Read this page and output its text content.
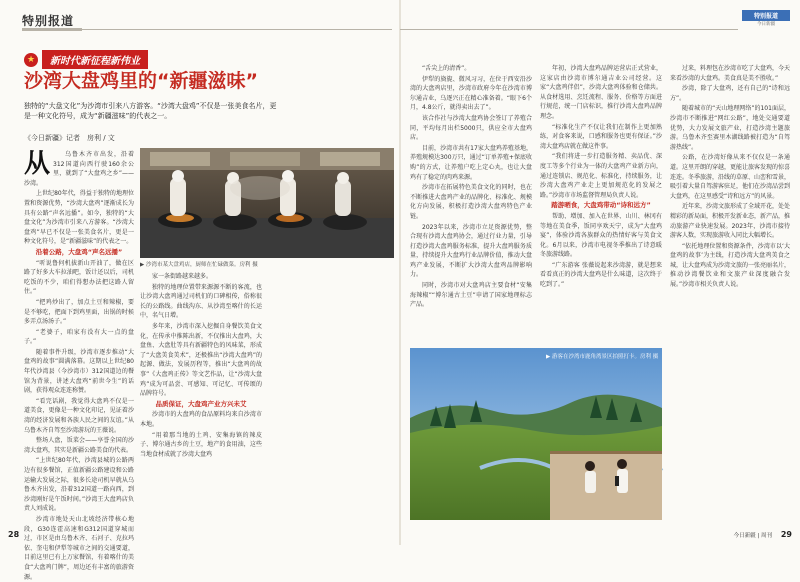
特别报道
★	新时代新征程新伟业
沙湾大盘鸡里的“新疆滋味”
独特的“大盘文化”为沙湾市引来八方游客。“沙湾大盘鸡”不仅是一张美食名片，更是一种文化符号，成为“新疆滋味”的代表之一。
《今日新疆》记者　房利 / 文

从	乌鲁木齐市出发，沿着312国道向西行驶160余公里，就到了“大盘鸡之乡”——沙湾。

上世纪80年代，得益于独特的地理位置和资源优势，“沙湾大盘鸡”逐渐成长为具有公路“声名远播”。如今，独特的“大盘文化”为沙湾市引来八方游客。“沙湾大盘鸡”早已不仅是一张美食名片，更是一种文化符号，是“新疆滋味”的代表之一。

沿着公路，大盘鸡“声名远播”

“听说鲁何机拔新山开油了，做在区路了好多大车拉油吧，饭计还以后，司机吃饭的不少，咱们得想办法把这路人留住。”

“把鸡炒出了，加点土豆和辣椒，要是不够吃，把面下到鸡里面，出锅的时候多弄点汤汤子。”

“老婆子，咱家有没有大一点的盘子。”

随着事件升级，沙湾市逐步推动“大盘鸡的故事”圆满落幕。这期以上世纪80年代沙湾县（今沙湾市）312国道边的餐馆为背景，讲述大盘鸡“前世今生”的话剧，获得观众连连称赞。

“看完话剧，我觉得大盘鸡不仅是一道美食，更像是一种文化印记，见证着沙湾的经济发展和各族人民之间的友谊。”从乌鲁木齐自驾至沙湾游玩的王薇说。

整场人盘，饭菜会——享誉全国的沙湾大盘鸡，其实是新疆公路美食的代表。

“上世纪80年代，沙湾县城的公路两边有很多餐馆，正值新疆公路建设和公路运输大发展之际，很多长途司机早就从乌鲁木齐出发，沿着312国道一路向西，到沙湾刚好是午饭时间。”沙湾王大盘鸡店负责人刘成说。

沙湾市地处天山北坡经济带核心地段，G30连霍高速和G312国道穿城而过，市区是由乌鲁木齐、石河子、克拉玛依、奎屯和伊犁等城市之间的交通要道，目前这里已有上万家餐馆，有着喀什的美食“大盘鸡门牌”，周边还有丰富的旅游资源。

▶ 沙湾市某大盘鸡店，厨师在忙碌做菜。房利 摄

家一条街路越来越多。

独特的地理位置带来源源不断的客流，也让沙湾大盘鸡通过司机们的口碑相传，俗称很长的公路线。曲线沟东、从沙湾至喀什的长运中，名气日增。

多年来，沙湾市深入挖掘自身餐饮美食文化，在传承中推陈出新，不仅推出大盘鸡，大盘鱼、大盘肚等具有新疆特色的风味菜，形成了“大盘美食美术”，还极推出“沙湾大盘鸡”的起源、做法，发展历程等，推出“大盘鸡的故事”《大盘鸡正传》等文艺作品，让“沙湾大盘鸡”成为可品尝、可感知、可记忆、可传颂的品牌符号。

品质保证，大盘鸡产业方兴未艾

沙湾市的大盘鸡的食品原料均来自沙湾市本地。

“用着那当地的土鸡、安集海镇的辣皮子、博尔通古乡的土豆，地产的食用油，这些当地食材成就了沙湾大盘鸡

28
特别报道
今日新疆

“舌尖上的清香”。

伊犁的旖旎、微风习习，在位于西安沿沙湾的大盘鸡店里，沙湾市政府今年在沙湾市博尔通吉业，乌逐兴正在精心准备着。“眼下6个月，4.8公斤，就得卖出去了”。

该合作社与沙湾大盘鸡协会签订了养殖合同，平均每月出栏5000只，供应全市大盘鸡店。

目前，沙湾市共有17家大盘鸡养殖基地，养殖规模达300万只，通过“订单养殖+保底收购”的方式，让养殖户吃上定心丸，也让大盘鸡有了稳定的肉鸡来源。

沙湾市在拓展特色美食文化的同时，也在不断推进大盘鸡产业的品牌化、标准化、规模化方向发展，积极打造沙湾大盘鸡特色产业链。

2023年以来，沙湾市立足资源优势，整合现有沙湾大盘鸡协会，通过行业力量，引导打造沙湾大盘鸡服务标准，提升大盘鸡服务质量，持续提升大盘鸡行业品牌价值，推动大盘鸡产业发展，不断扩大沙湾大盘鸡品牌影响力。

同时，沙湾市对大盘鸡店主要食材“安集海辣椒”“博尔通古土豆”申请了国家地理标志产品。

年初，沙湾大盘鸡品牌运营店正式营业，这家店由沙湾市博尔通吉业公司经营。这家“大盘鸡伴侣”，沙湾大盘鸡体验和仓储共。从食材选用、烹饪流程、服务、价格等方面进行规范，统一门店标识，推行沙湾大盘鸡品牌理念。

“标准化生产不仅让我们在制作上更加熟练，对食客来说，口感和服务也更有保证。”沙湾大盘鸡店就在做这件事。

“我们将进一步打造服务精、卖品优、深度工等多个行业为一体的大盘鸡产业新方向，通过连锁店、规范化、标准化，持续服务，让沙湾大盘鸡产业走上更加规范化的发展之路。”沙湾市市场监督管理局负责人说。

踏游晒食，大盘鸡带动“诗和远方”

帮助、增加、加入在世界、山川、林冈有等地在美食季，饭同享欢天宁，成为“大盘鸡宴”，体验沙湾各族群众的热情好客与美食文化。6月以来，沙湾市电视冬季推出了诗意暖冬旅游线路。

“广东游客 张薇说起来沙湾游，就是想来看看真正的沙湾大盘鸡是什么味道，这次终于吃到了。”

过来，料理包在沙湾市吃了大盘鸡，今天来看沙湾的大盘鸡。美食真是美不胜收。”

沙湾，除了大盘鸡，还有自己的“诗和远方”。

随着城市的“天山地理网络”的101面层，沙湾市不断推进“网红公路”，地处交通要道优势，大力发展文旅产业，打造沙湾主题旅游。乌鲁木齐至赛里木湖线路被打造为“自驾游热线”。

公路，在沙湾好像从来不仅仅是一条通道。这里开朗的穿越，更能让旅客发现的惊喜连连。冬季旅游，沿线的草原、山峦和雪景，吸引着大量自驾游客驻足，他们在沙湾品尝到大盘鸡，在这里感受“诗和远方”的风景。

近年来，沙湾文旅形成了全域开花，处处精彩的新局面，积极开发新业态，新产品，推动旅游产业快速发展。2023年，沙湾市接待游客人数，实现旅游收入同比大幅增长。

“依托地理位置和资源条件，沙湾市以‘大盘鸡的故事’为主线，打造沙湾大盘鸡美食之城，让大盘鸡成为沙湾文旅的一张亮丽名片，推动沙湾餐饮业和文旅产业深度融合发展。”沙湾市相关负责人说。

▶ 游客在沙湾市鹿角湾景区拍照打卡。房利 摄
今日新疆 | 周刊 29
